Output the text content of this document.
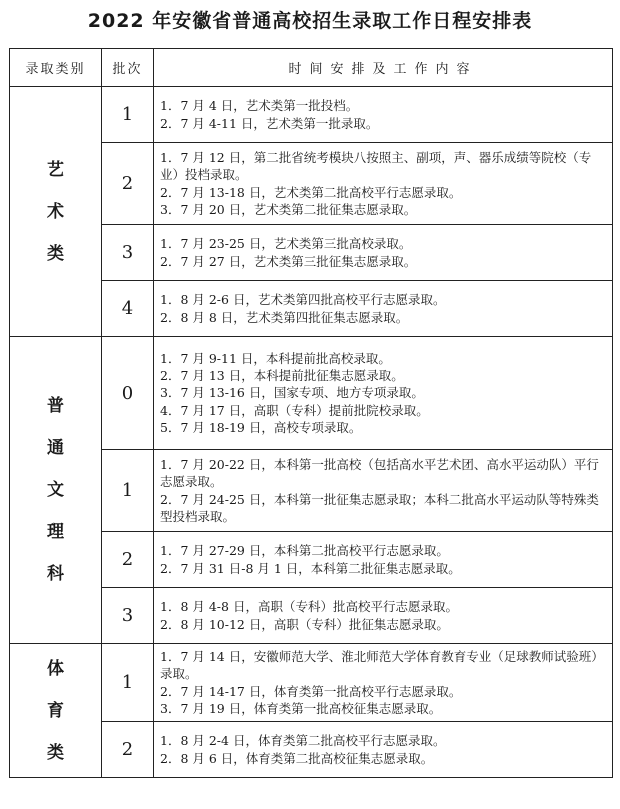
2022 年安徽省普通高校招生录取工作日程安排表
录取类别	批次	时间安排及工作内容

艺
术
类	1	1．7 月 4 日，艺术类第一批投档。
2．7 月 4-11 日，艺术类第一批录取。

	2	1．7 月 12 日，第二批省统考模块八按照主、副项，声、器乐成绩等院校（专业）投档录取。
2．7 月 13-18 日，艺术类第二批高校平行志愿录取。
3．7 月 20 日，艺术类第二批征集志愿录取。

	3	1．7 月 23-25 日，艺术类第三批高校录取。
2．7 月 27 日，艺术类第三批征集志愿录取。

	4	1．8 月 2-6 日，艺术类第四批高校平行志愿录取。
2．8 月 8 日，艺术类第四批征集志愿录取。

普
通
文
理
科	0	1．7 月 9-11 日，本科提前批高校录取。
2．7 月 13 日，本科提前批征集志愿录取。
3．7 月 13-16 日，国家专项、地方专项录取。
4．7 月 17 日，高职（专科）提前批院校录取。
5．7 月 18-19 日，高校专项录取。

	1	1．7 月 20-22 日，本科第一批高校（包括高水平艺术团、高水平运动队）平行志愿录取。
2．7 月 24-25 日，本科第一批征集志愿录取；本科二批高水平运动队等特殊类型投档录取。

	2	1．7 月 27-29 日，本科第二批高校平行志愿录取。
2．7 月 31 日-8 月 1 日，本科第二批征集志愿录取。

	3	1．8 月 4-8 日，高职（专科）批高校平行志愿录取。
2．8 月 10-12 日，高职（专科）批征集志愿录取。

体
育
类	1	1．7 月 14 日，安徽师范大学、淮北师范大学体育教育专业（足球教师试验班）录取。
2．7 月 14-17 日，体育类第一批高校平行志愿录取。
3．7 月 19 日，体育类第一批高校征集志愿录取。

	2	1．8 月 2-4 日，体育类第二批高校平行志愿录取。
2．8 月 6 日，体育类第二批高校征集志愿录取。
